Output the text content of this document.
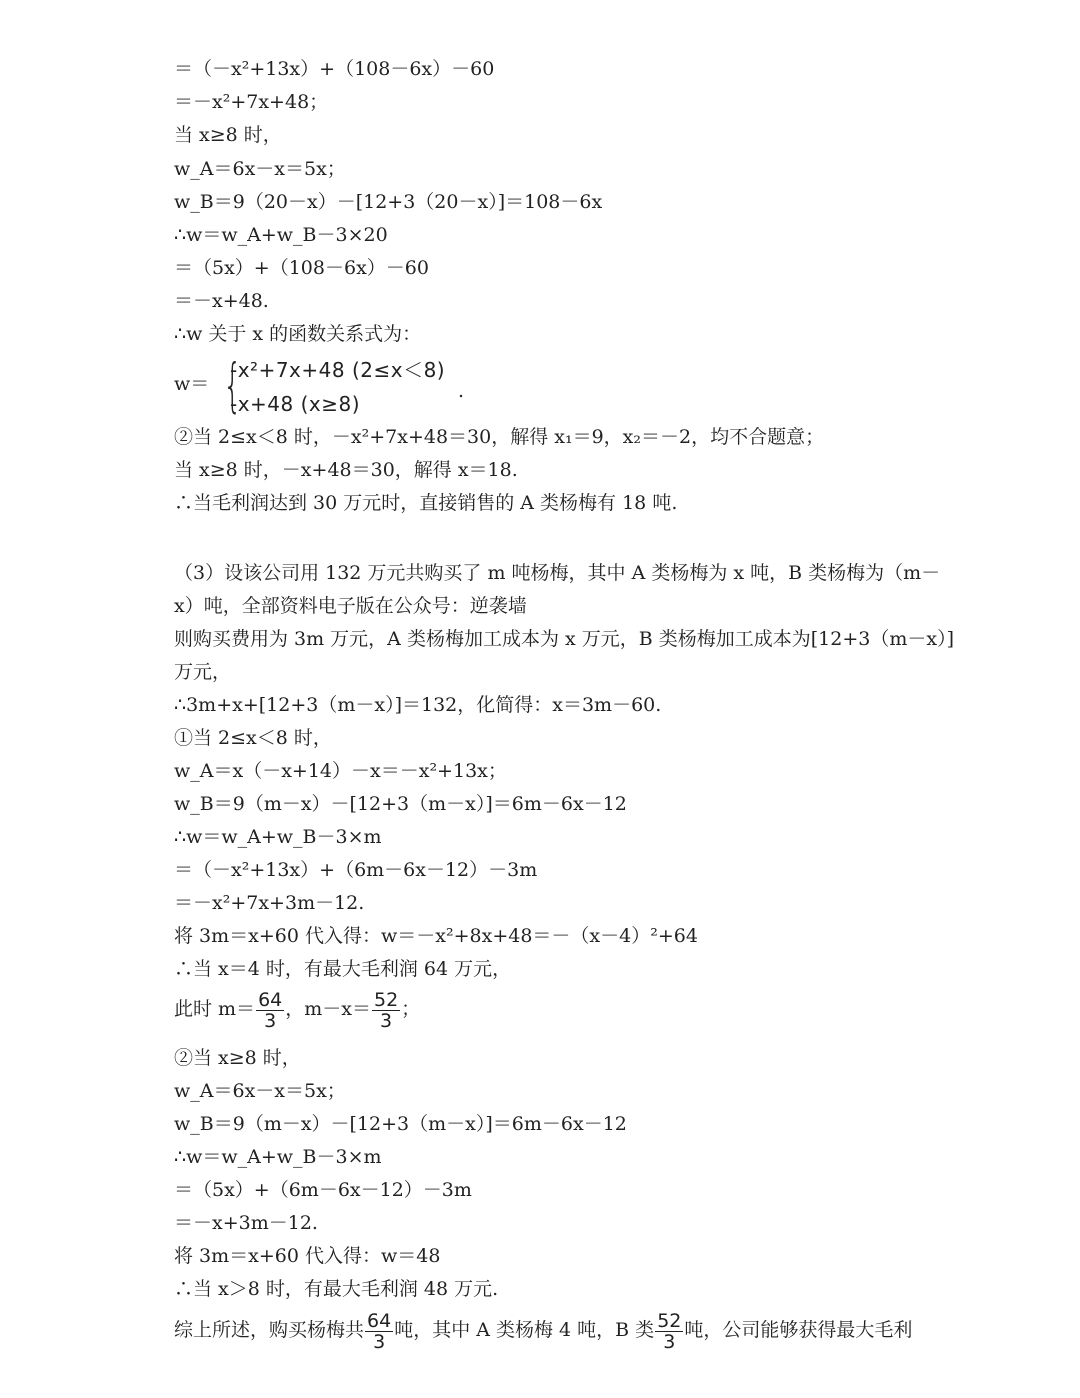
＝（－x²+13x）+（108－6x）－60
＝－x²+7x+48；
当 x≥8 时，
w_A＝6x－x＝5x；
w_B＝9（20－x）－[12+3（20－x）]＝108－6x
∴w＝w_A+w_B－3×20
＝（5x）+（108－6x）－60
＝－x+48.
∴w 关于 x 的函数关系式为：
w＝ {
-x²+7x+48 (2≤x＜8)
-x+48 (x≥8)
.
②当 2≤x＜8 时，－x²+7x+48＝30，解得 x₁＝9，x₂＝－2，均不合题意；
当 x≥8 时，－x+48＝30，解得 x＝18.
∴当毛利润达到 30 万元时，直接销售的 A 类杨梅有 18 吨.
（3）设该公司用 132 万元共购买了 m 吨杨梅，其中 A 类杨梅为 x 吨，B 类杨梅为（m－
x）吨，全部资料电子版在公众号：逆袭墙
则购买费用为 3m 万元，A 类杨梅加工成本为 x 万元，B 类杨梅加工成本为[12+3（m－x）]
万元，
∴3m+x+[12+3（m－x）]＝132，化简得：x＝3m－60.
①当 2≤x＜8 时，
w_A＝x（－x+14）－x＝－x²+13x；
w_B＝9（m－x）－[12+3（m－x）]＝6m－6x－12
∴w＝w_A+w_B－3×m
＝（－x²+13x）+（6m－6x－12）－3m
＝－x²+7x+3m－12.
将 3m＝x+60 代入得：w＝－x²+8x+48＝－（x－4）²+64
∴当 x＝4 时，有最大毛利润 64 万元，
此时 $m= \frac{64}{3}$ ，$m-x= \frac{52}{3}$ ；
②当 x≥8 时，
w_A＝6x－x＝5x；
w_B＝9（m－x）－[12+3（m－x）]＝6m－6x－12
∴w＝w_A+w_B－3×m
＝（5x）+（6m－6x－12）－3m
＝－x+3m－12.
将 3m＝x+60 代入得：w＝48
∴当 x＞8 时，有最大毛利润 48 万元.
综上所述，购买杨梅共 $\frac{64}{3}$ 吨，其中 A 类杨梅 4 吨，B 类 $\frac{52}{3}$ 吨，公司能够获得最大毛利
